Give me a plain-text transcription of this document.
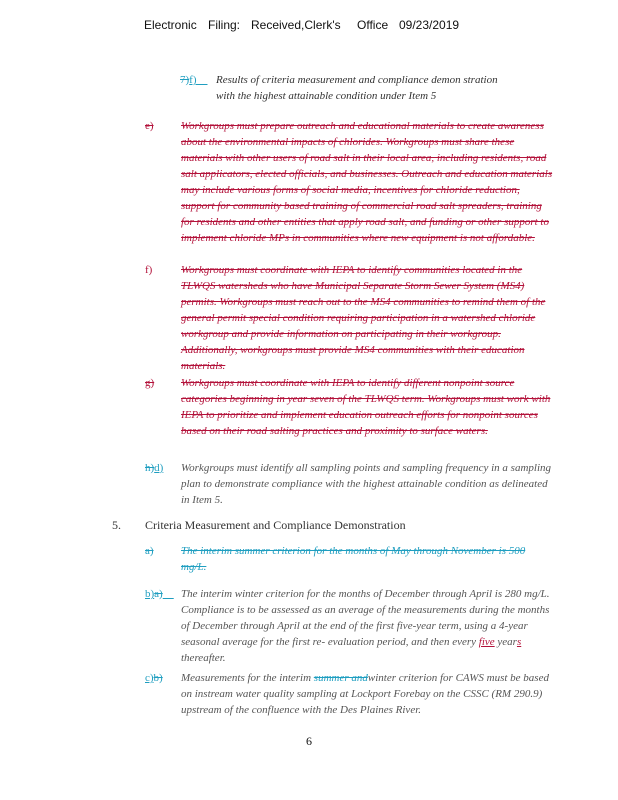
Electronic Filing: Received,Clerk's Office 09/23/2019
7)f)	Results of criteria measurement and compliance demon stration

with the highest attainable condition under Item 5

e) Workgroups must prepare outreach and educational materials to create awareness about the environmental impacts of chlorides. Workgroups must share these materials with other users of road salt in their local area, including residents, road salt applicators, elected officials, and businesses. Outreach and education materials may include various forms of social media, incentives for chloride reduction, support for community based training of commercial road salt spreaders, training for residents and other entities that apply road salt, and funding or other support to implement chloride MPs in communities where new equipment is not affordable.
f)	Workgroups must coordinate with IEPA to identify communities located in the TLWQS watersheds who have Municipal Separate Storm Sewer System (MS4) permits. Workgroups must reach out to the MS4 communities to remind them of the general permit special condition requiring participation in a watershed chloride workgroup and provide information on participating in their workgroup. Additionally, workgroups must provide MS4 communities with their education materials.
g) Workgroups must coordinate with IEPA to identify different nonpoint source categories beginning in year seven of the TLWQS term. Workgroups must work with IEPA to prioritize and implement education outreach efforts for nonpoint sources based on their road salting practices and proximity to surface waters.
h)d) Workgroups must identify all sampling points and sampling frequency in a sampling plan to demonstrate compliance with the highest attainable condition as delineated in Item 5.
5. Criteria Measurement and Compliance Demonstration
a) The interim summer criterion for the months of May through November is 500 mg/L.
b)a)	The interim winter criterion for the months of December through April is 280 mg/L. Compliance is to be assessed as an average of the measurements during the months of December through April at the end of the first five-year term, using a 4-year seasonal average for the first re- evaluation period, and then every five years thereafter.
c)b) Measurements for the interim summer andwinter criterion for CAWS must be based on instream water quality sampling at Lockport Forebay on the CSSC (RM 290.9) upstream of the confluence with the Des Plaines River.
6
